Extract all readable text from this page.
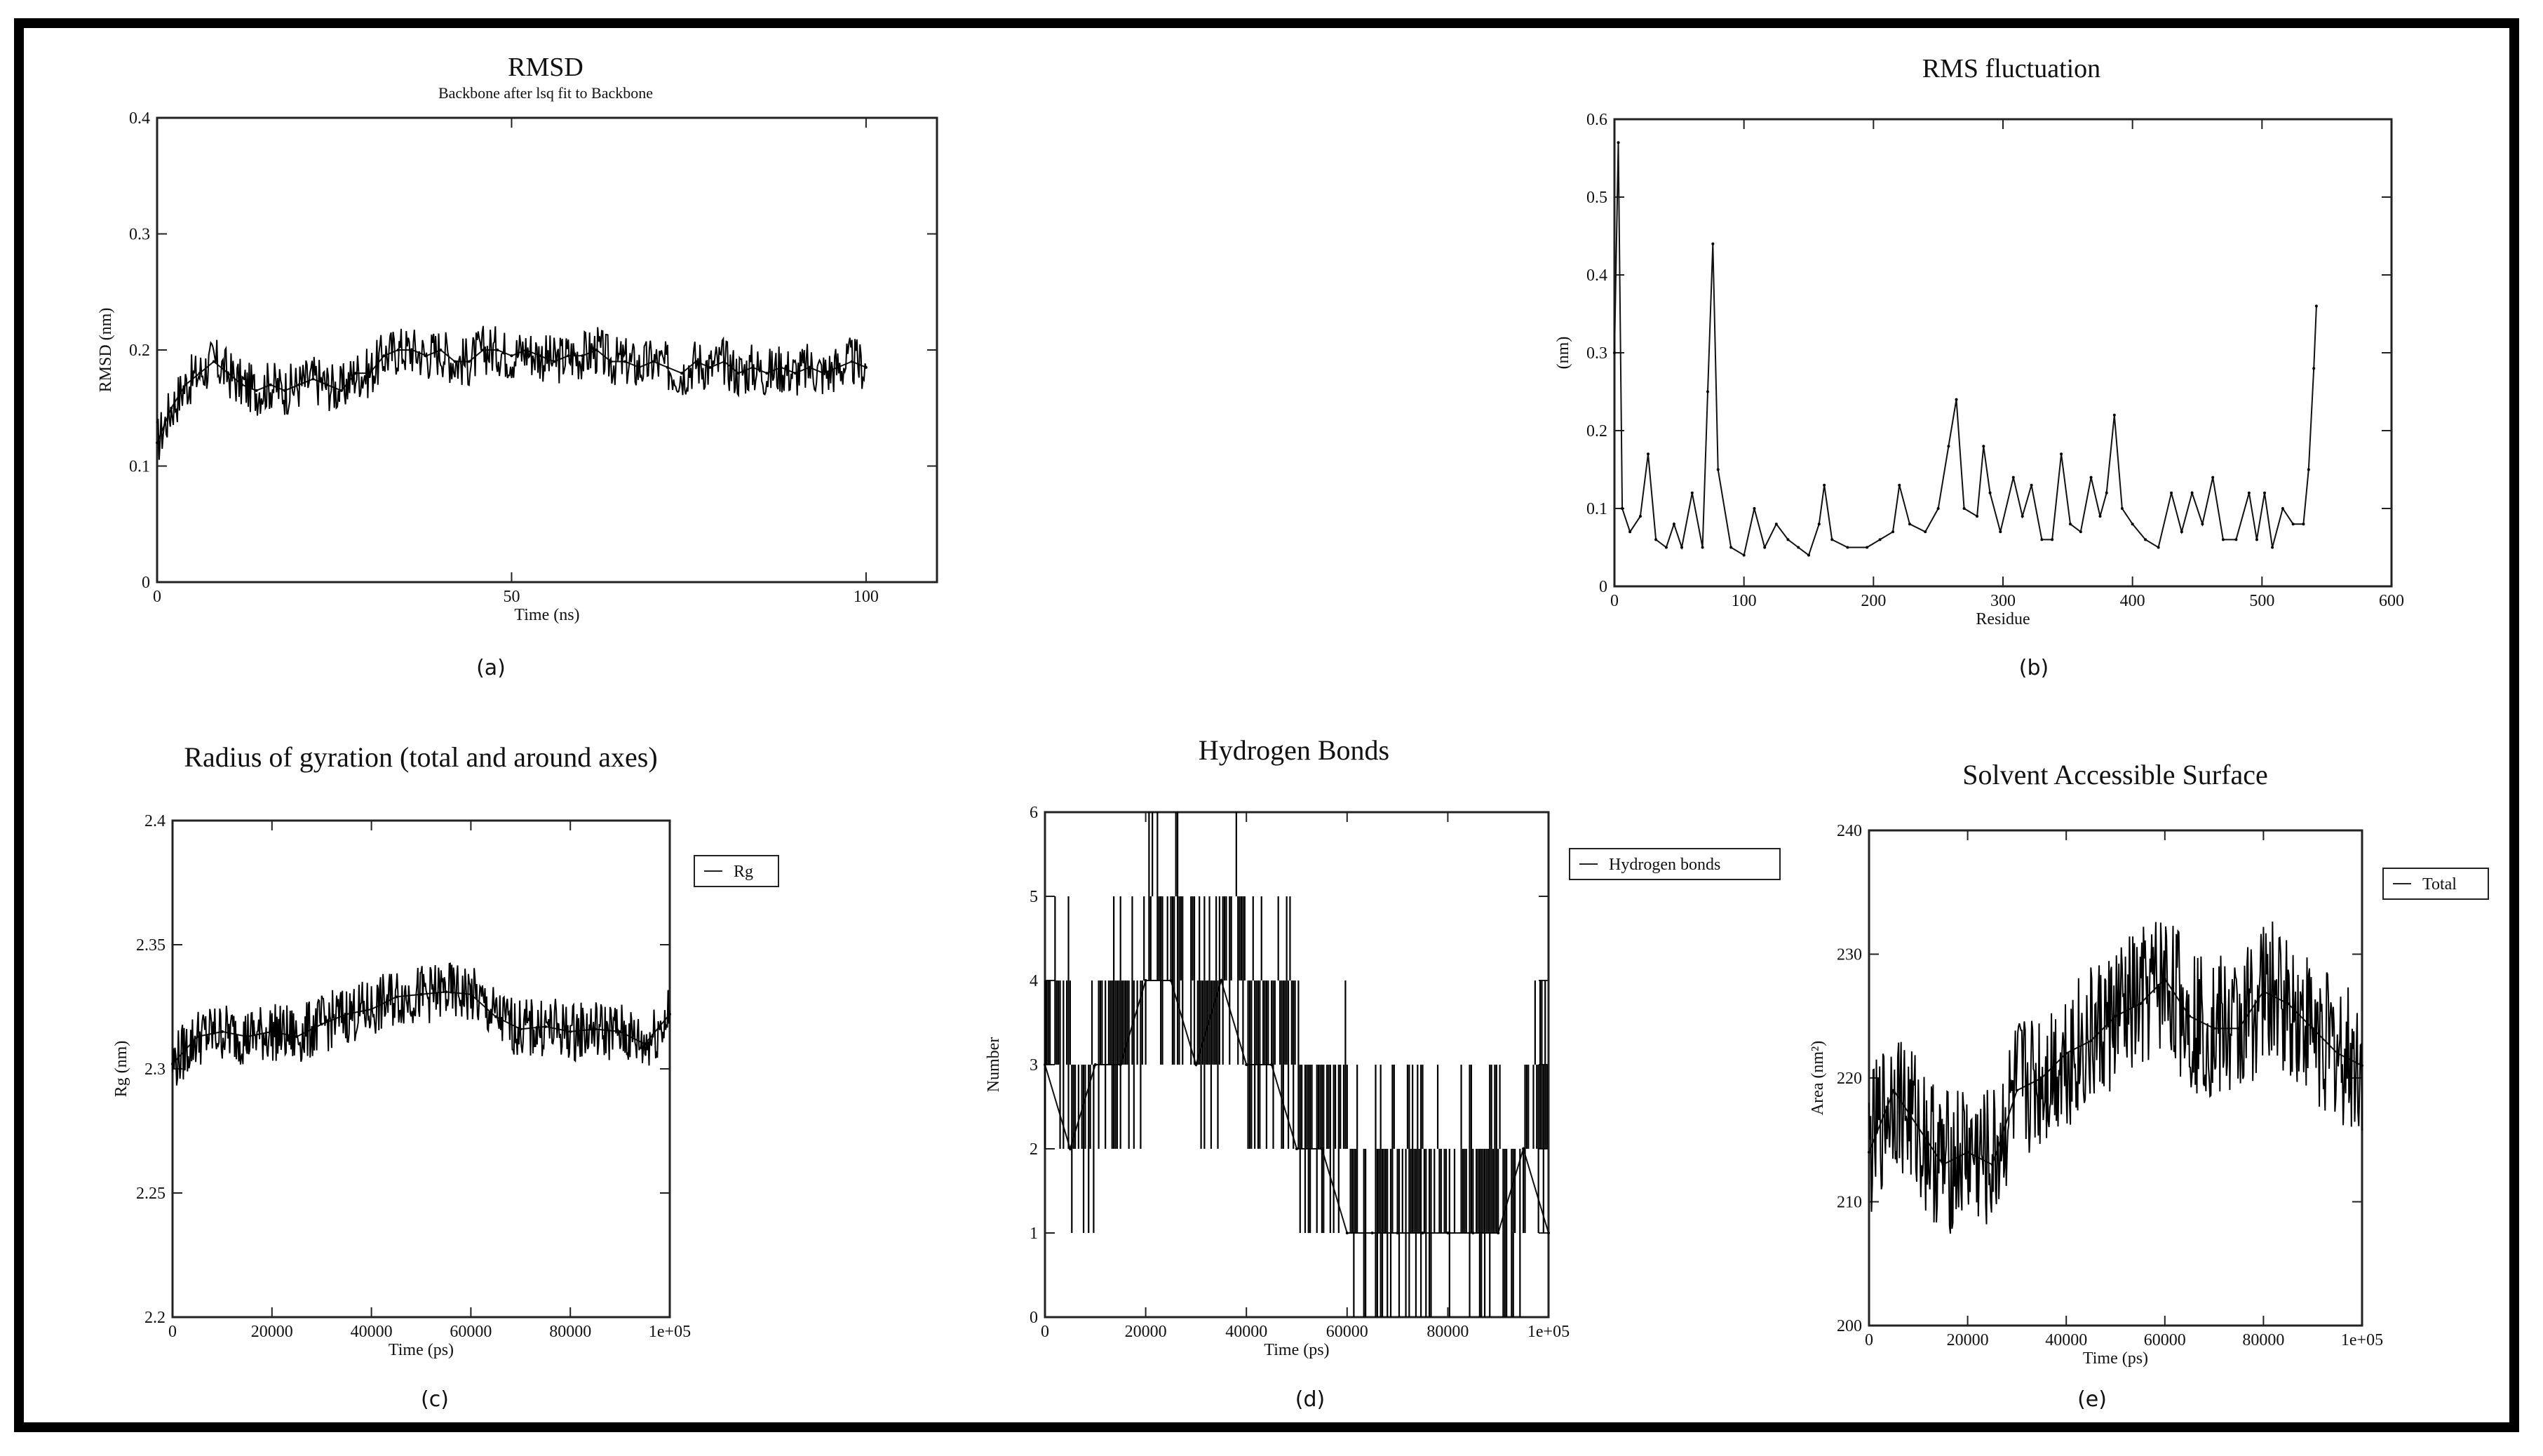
RMSD
Backbone after lsq fit to Backbone
0	50	100
0
0.1
0.2
0.3
0.4
Time (ns)
RMSD (nm)
(a)
RMS fluctuation
0	100	200	300	400	500	600
0
0.1
0.2
0.3
0.4
0.5
0.6
Residue
(nm)
(b)
Radius of gyration (total and around axes)
0	20000	40000	60000	80000	1e+05
2.2
2.25
2.3
2.35
2.4
Time (ps)
Rg (nm)
Rg
(c)
Hydrogen Bonds
0	20000	40000	60000	80000	1e+05
0
1
2
3
4
5
6
Time (ps)
Number
Hydrogen bonds
(d)
Solvent Accessible Surface
0	20000	40000	60000	80000	1e+05
200
210
220
230
240
Time (ps)
Area (nm²)
Total
(e)
